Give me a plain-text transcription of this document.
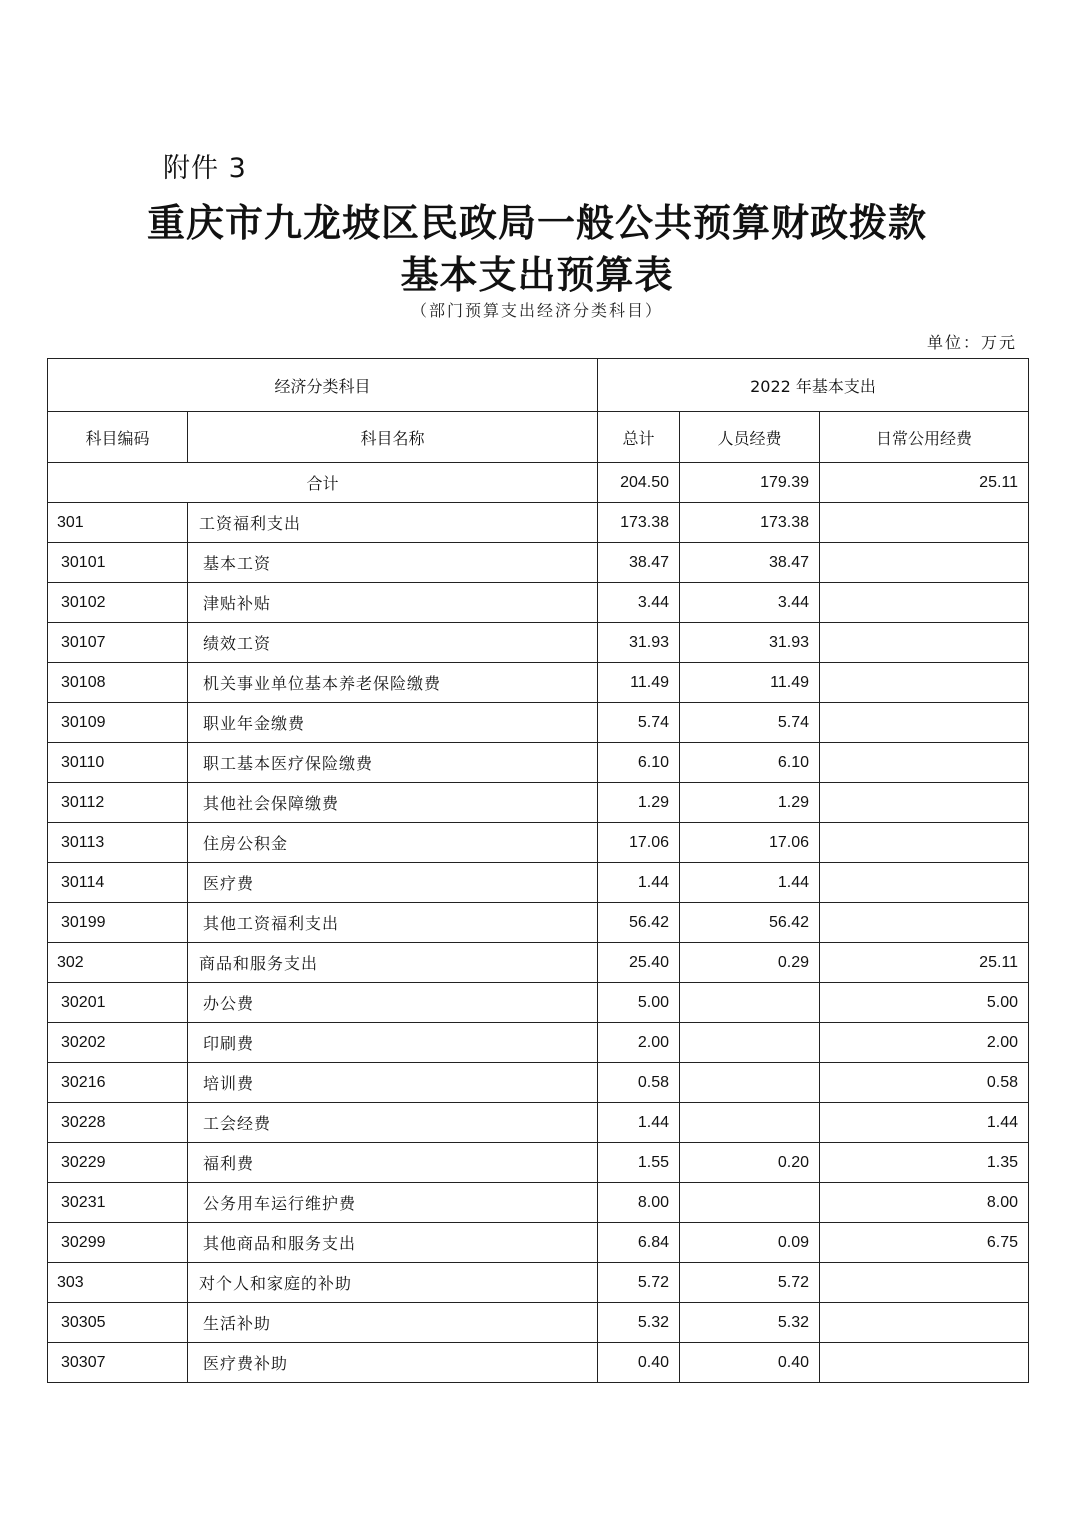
附件 3
重庆市九龙坡区民政局一般公共预算财政拨款
基本支出预算表
（部门预算支出经济分类科目）
单位：万元
经济分类科目		2022 年基本支出		
科目编码	科目名称	总计	人员经费	日常公用经费
合计		204.50	179.39	25.11
301	工资福利支出	173.38	173.38	
30101	基本工资	38.47	38.47	
30102	津贴补贴	3.44	3.44	
30107	绩效工资	31.93	31.93	
30108	机关事业单位基本养老保险缴费	11.49	11.49	
30109	职业年金缴费	5.74	5.74	
30110	职工基本医疗保险缴费	6.10	6.10	
30112	其他社会保障缴费	1.29	1.29	
30113	住房公积金	17.06	17.06	
30114	医疗费	1.44	1.44	
30199	其他工资福利支出	56.42	56.42	
302	商品和服务支出	25.40	0.29	25.11
30201	办公费	5.00		5.00
30202	印刷费	2.00		2.00
30216	培训费	0.58		0.58
30228	工会经费	1.44		1.44
30229	福利费	1.55	0.20	1.35
30231	公务用车运行维护费	8.00		8.00
30299	其他商品和服务支出	6.84	0.09	6.75
303	对个人和家庭的补助	5.72	5.72	
30305	生活补助	5.32	5.32	
30307	医疗费补助	0.40	0.40	
